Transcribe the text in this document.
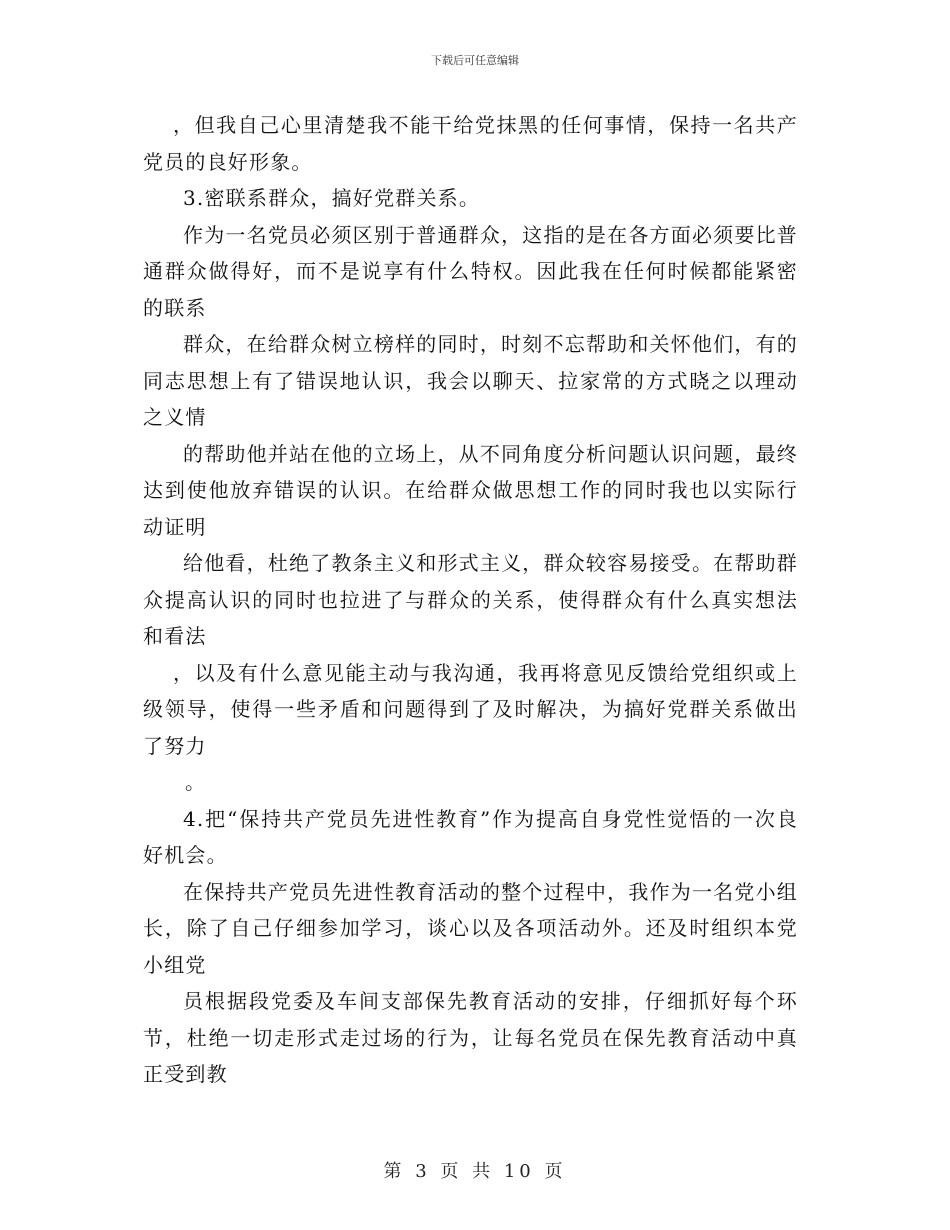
下载后可任意编辑

，但我自己心里清楚我不能干给党抹黑的任何事情，保持一名共产党员的良好形象。

3.密联系群众，搞好党群关系。

作为一名党员必须区别于普通群众，这指的是在各方面必须要比普通群众做得好，而不是说享有什么特权。因此我在任何时候都能紧密的联系

群众，在给群众树立榜样的同时，时刻不忘帮助和关怀他们，有的同志思想上有了错误地认识，我会以聊天、拉家常的方式晓之以理动之义情

的帮助他并站在他的立场上，从不同角度分析问题认识问题，最终达到使他放弃错误的认识。在给群众做思想工作的同时我也以实际行动证明

给他看，杜绝了教条主义和形式主义，群众较容易接受。在帮助群众提高认识的同时也拉进了与群众的关系，使得群众有什么真实想法和看法

，以及有什么意见能主动与我沟通，我再将意见反馈给党组织或上级领导，使得一些矛盾和问题得到了及时解决，为搞好党群关系做出了努力

。

4.把“保持共产党员先进性教育”作为提高自身党性觉悟的一次良好机会。

在保持共产党员先进性教育活动的整个过程中，我作为一名党小组长，除了自己仔细参加学习，谈心以及各项活动外。还及时组织本党小组党

员根据段党委及车间支部保先教育活动的安排，仔细抓好每个环节，杜绝一切走形式走过场的行为，让每名党员在保先教育活动中真正受到教

第 3 页 共 10 页
